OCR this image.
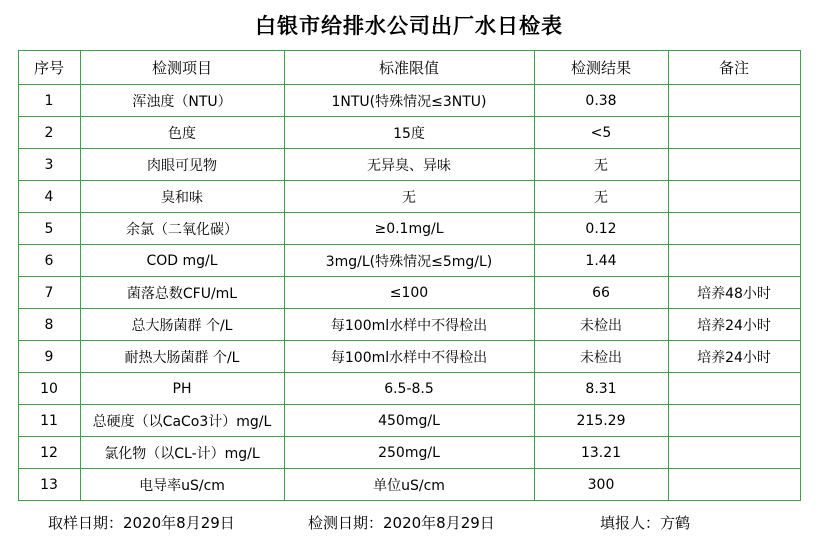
白银市给排水公司出厂水日检表
序号	检测项目	标准限值	检测结果	备注
1	浑浊度（NTU）	1NTU(特殊情况≤3NTU)	0.38	
2	色度	15度	<5	
3	肉眼可见物	无异臭、异味	无	
4	臭和味	无	无	
5	余氯（二氧化碳）	≥0.1mg/L	0.12	
6	COD mg/L	3mg/L(特殊情况≤5mg/L)	1.44	
7	菌落总数CFU/mL	≤100	66	培养48小时
8	总大肠菌群 个/L	每100ml水样中不得检出	未检出	培养24小时
9	耐热大肠菌群 个/L	每100ml水样中不得检出	未检出	培养24小时
10	PH	6.5-8.5	8.31	
11	总硬度（以CaCo3计）mg/L	450mg/L	215.29	
12	氯化物（以CL-计）mg/L	250mg/L	13.21	
13	电导率uS/cm	单位uS/cm	300	
取样日期：2020年8月29日	检测日期：2020年8月29日	填报人：方鹤
